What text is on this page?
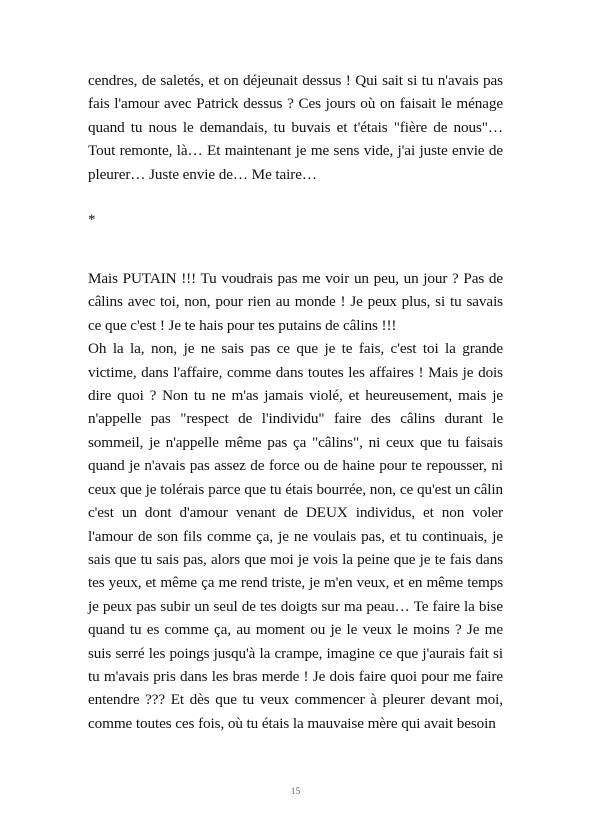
cendres, de saletés, et on déjeunait dessus ! Qui sait si tu n'avais pas fais l'amour avec Patrick dessus ? Ces jours où on faisait le ménage quand tu nous le demandais, tu buvais et t'étais "fière de nous"… Tout remonte, là… Et maintenant je me sens vide, j'ai juste envie de pleurer… Juste envie de… Me taire…

*

Mais PUTAIN !!! Tu voudrais pas me voir un peu, un jour ? Pas de câlins avec toi, non, pour rien au monde ! Je peux plus, si tu savais ce que c'est ! Je te hais pour tes putains de câlins !!!

Oh la la, non, je ne sais pas ce que je te fais, c'est toi la grande victime, dans l'affaire, comme dans toutes les affaires ! Mais je dois dire quoi ? Non tu ne m'as jamais violé, et heureusement, mais je n'appelle pas "respect de l'individu" faire des câlins durant le sommeil, je n'appelle même pas ça "câlins", ni ceux que tu faisais quand je n'avais pas assez de force ou de haine pour te repousser, ni ceux que je tolérais parce que tu étais bourrée, non, ce qu'est un câlin c'est un dont d'amour venant de DEUX individus, et non voler l'amour de son fils comme ça, je ne voulais pas, et tu continuais, je sais que tu sais pas, alors que moi je vois la peine que je te fais dans tes yeux, et même ça me rend triste, je m'en veux, et en même temps je peux pas subir un seul de tes doigts sur ma peau… Te faire la bise quand tu es comme ça, au moment ou je le veux le moins ? Je me suis serré les poings jusqu'à la crampe, imagine ce que j'aurais fait si tu m'avais pris dans les bras merde ! Je dois faire quoi pour me faire entendre ??? Et dès que tu veux commencer à pleurer devant moi, comme toutes ces fois, où tu étais la mauvaise mère qui avait besoin

15
